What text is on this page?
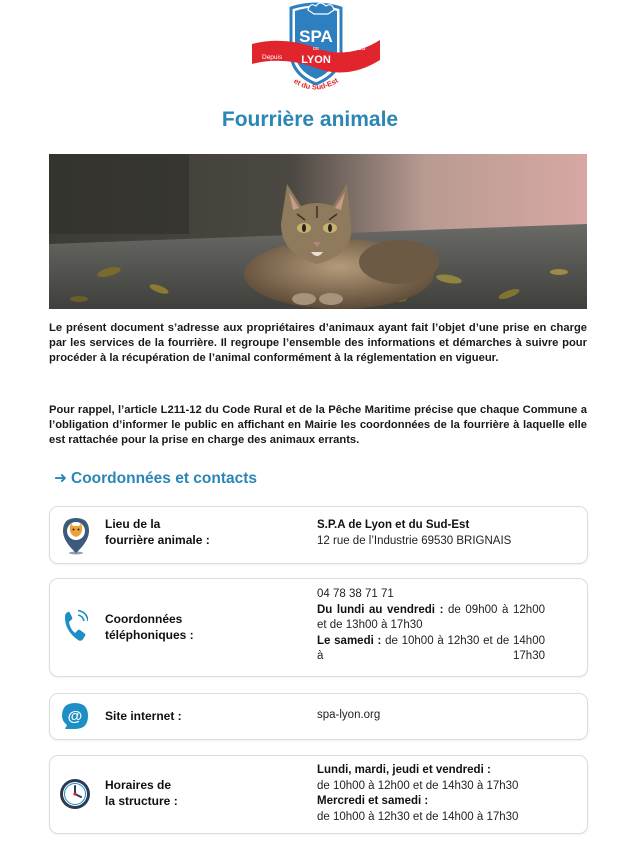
Depuis
1853
SPA
DE
LYON
et du Sud-Est
Fourrière animale
Le présent document s’adresse aux propriétaires d’animaux ayant fait l’objet d’une prise en charge par les services de la fourrière. Il regroupe l’ensemble des informations et démarches à suivre pour procéder à la récupération de l’animal conformément à la réglementation en vigueur.
Pour rappel, l’article L211-12 du Code Rural et de la Pêche Maritime précise que chaque Commune a l’obligation d’informer le public en affichant en Mairie les coordonnées de la fourrière à laquelle elle est rattachée pour la prise en charge des animaux errants.
➜ Coordonnées et contacts
Lieu de la
fourrière animale :
S.P.A de Lyon et du Sud-Est
12 rue de l’Industrie 69530 BRIGNAIS
Coordonnées
téléphoniques :
04 78 38 71 71
Du lundi au vendredi : de 09h00 à 12h00 et de 13h00 à 17h30
Le samedi : de 10h00 à 12h30 et de 14h00 à 17h30
@ Site internet :	spa-lyon.org
Horaires de
la structure :
Lundi, mardi, jeudi et vendredi :
de 10h00 à 12h00 et de 14h30 à 17h30
Mercredi et samedi :
de 10h00 à 12h30 et de 14h00 à 17h30
